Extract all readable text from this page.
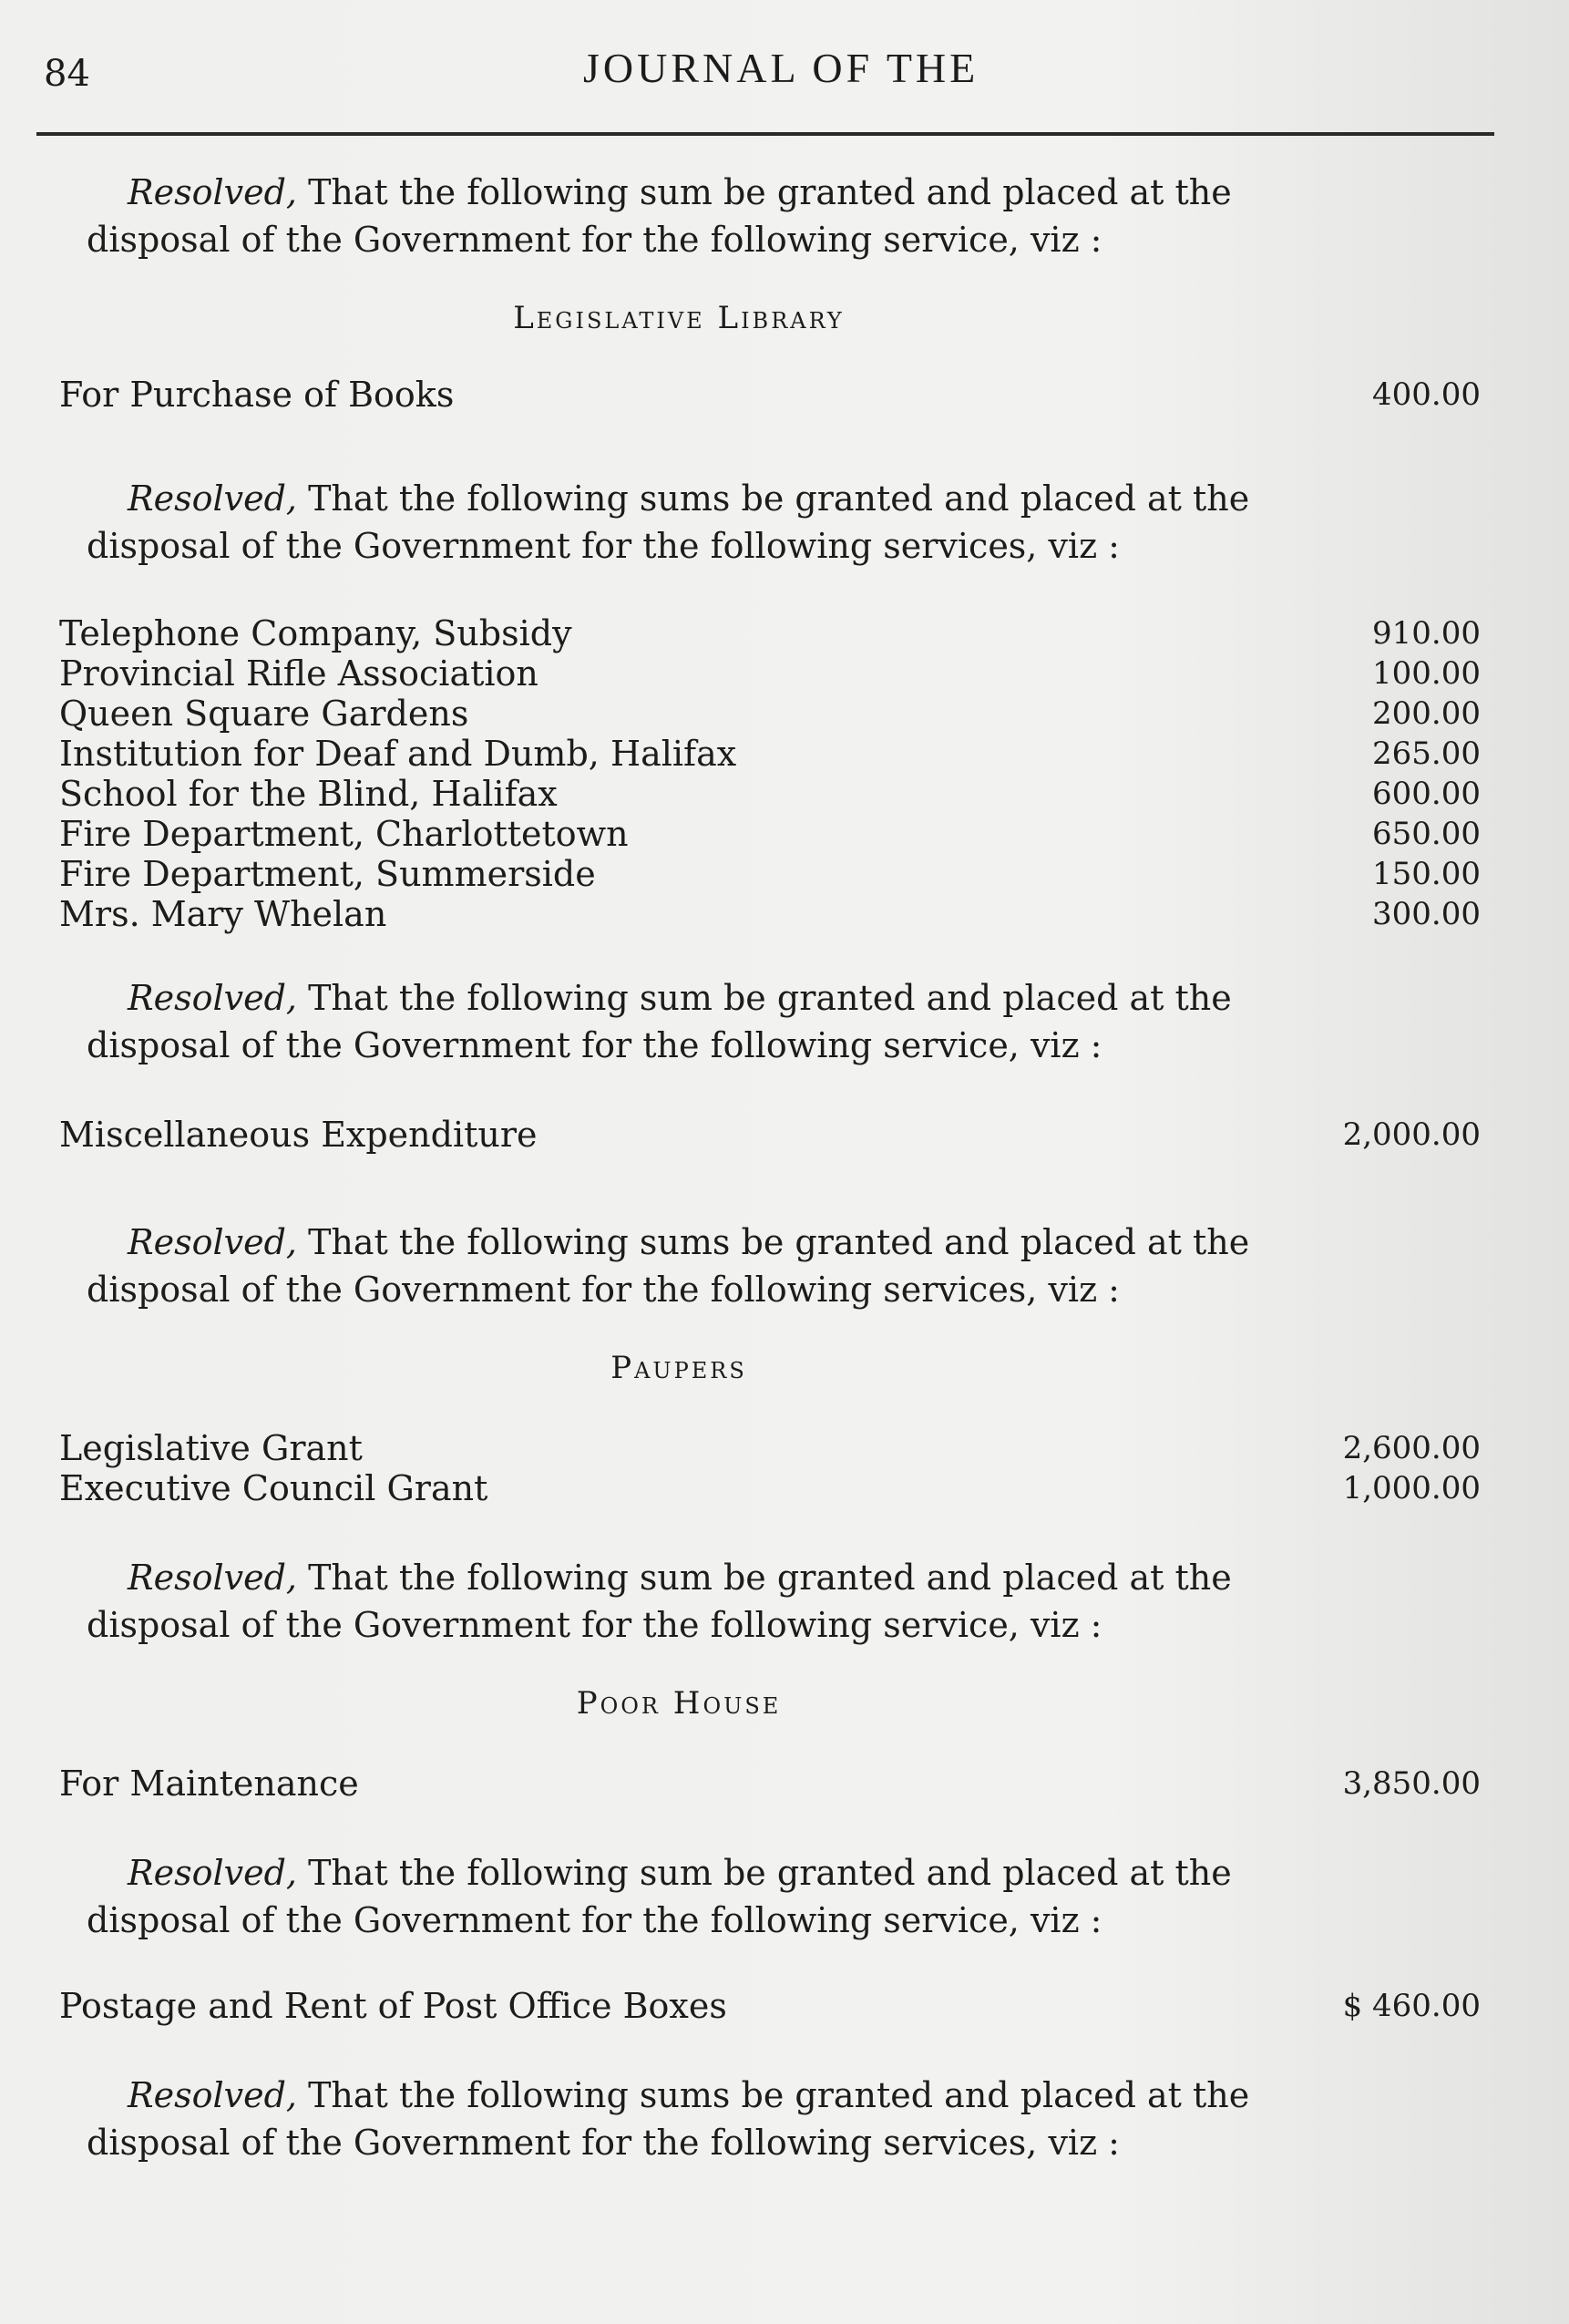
84	JOURNAL OF THE

Resolved, That the following sum be granted and placed at the disposal of the Government for the following service, viz :

Legislative Library

For Purchase of Books	400.00

Resolved, That the following sums be granted and placed at the disposal of the Government for the following services, viz :

Telephone Company, Subsidy	910.00
Provincial Rifle Association	100.00
Queen Square Gardens	200.00
Institution for Deaf and Dumb, Halifax	265.00
School for the Blind, Halifax	600.00
Fire Department, Charlottetown	650.00
Fire Department, Summerside	150.00
Mrs. Mary Whelan	300.00

Resolved, That the following sum be granted and placed at the disposal of the Government for the following service, viz :

Miscellaneous Expenditure	2,000.00

Resolved, That the following sums be granted and placed at the disposal of the Government for the following services, viz :

Paupers

Legislative Grant	2,600.00
Executive Council Grant	1,000.00

Resolved, That the following sum be granted and placed at the disposal of the Government for the following service, viz :

Poor House

For Maintenance	3,850.00

Resolved, That the following sum be granted and placed at the disposal of the Government for the following service, viz :

Postage and Rent of Post Office Boxes	$ 460.00

Resolved, That the following sums be granted and placed at the disposal of the Government for the following services, viz :
